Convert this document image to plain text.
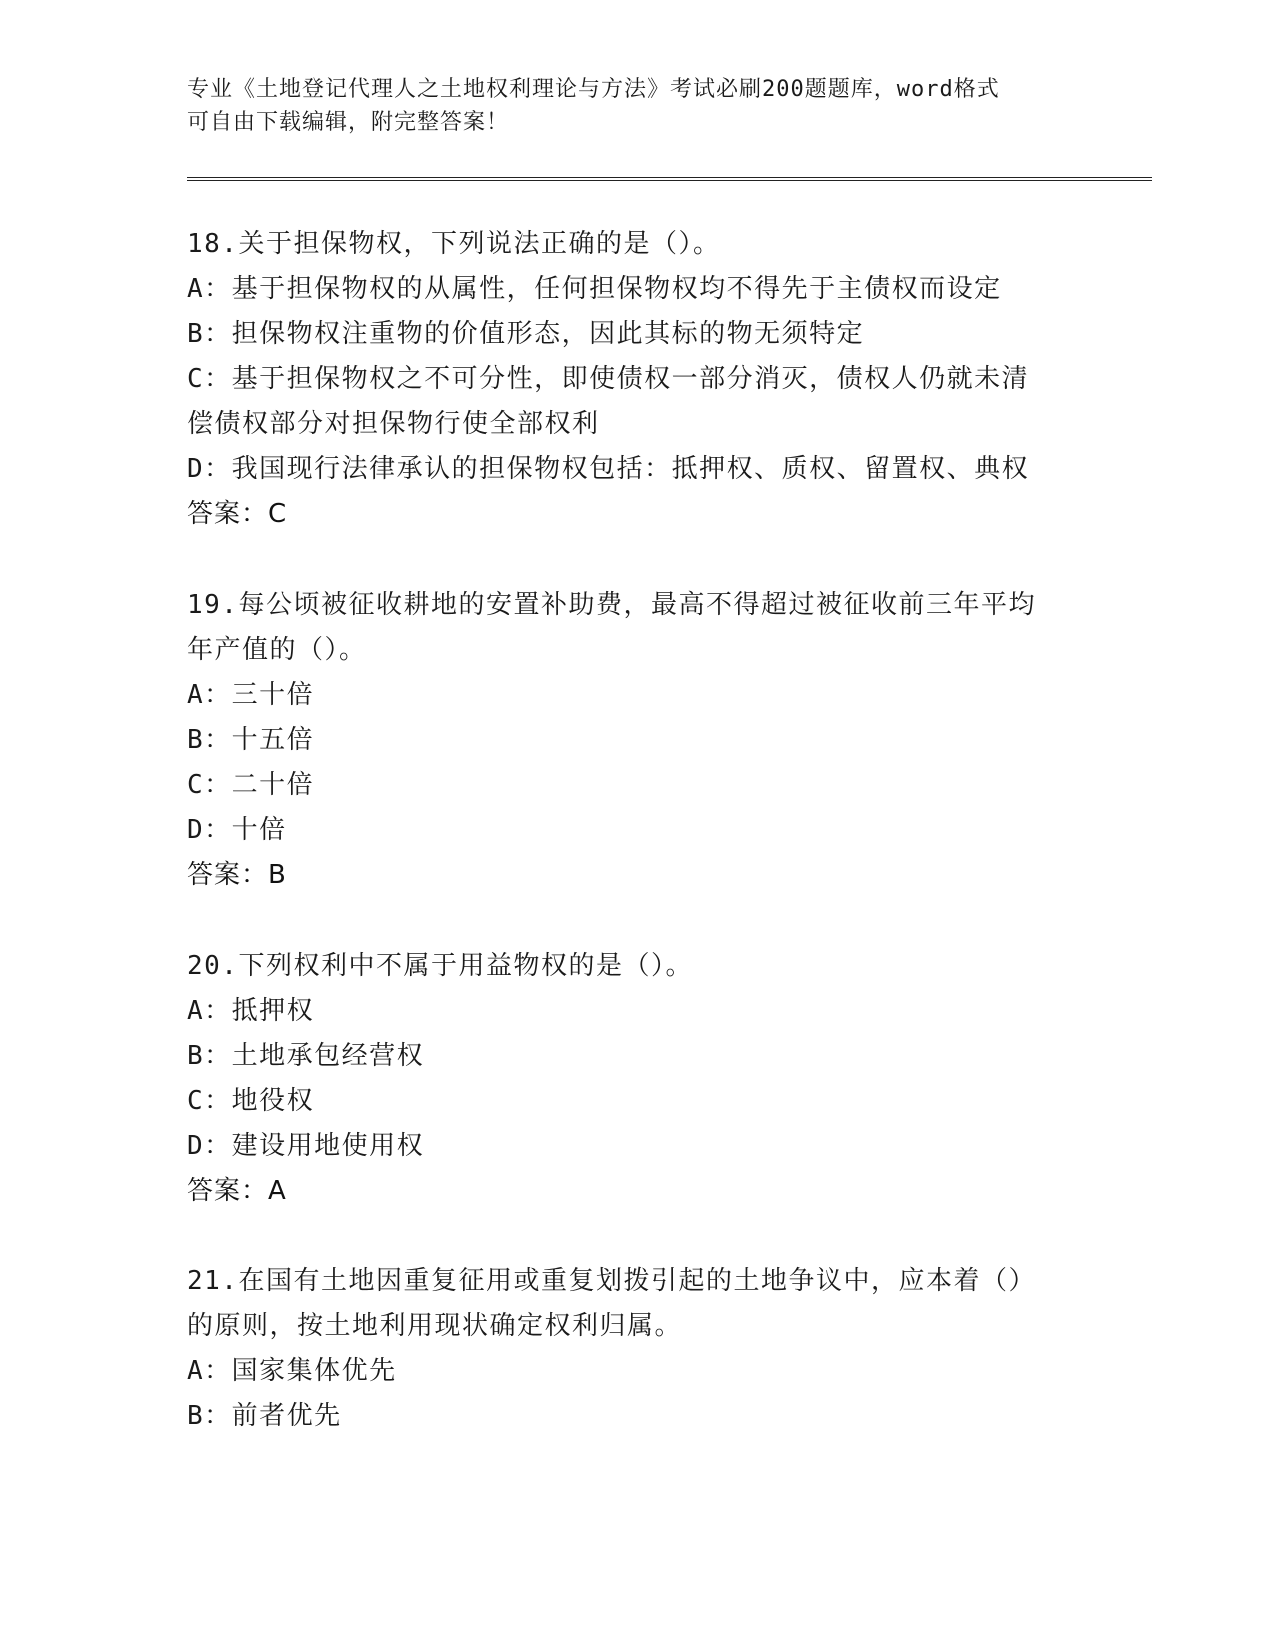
专业《土地登记代理人之土地权利理论与方法》考试必刷200题题库，word格式
可自由下载编辑，附完整答案！

18.关于担保物权，下列说法正确的是（）。

A：基于担保物权的从属性，任何担保物权均不得先于主债权而设定

B：担保物权注重物的价值形态，因此其标的物无须特定

C：基于担保物权之不可分性，即使债权一部分消灭，债权人仍就未清

偿债权部分对担保物行使全部权利

D：我国现行法律承认的担保物权包括：抵押权、质权、留置权、典权

答案：C

19.每公顷被征收耕地的安置补助费，最高不得超过被征收前三年平均

年产值的（）。

A：三十倍

B：十五倍

C：二十倍

D：十倍

答案：B

20.下列权利中不属于用益物权的是（）。

A：抵押权

B：土地承包经营权

C：地役权

D：建设用地使用权

答案：A

21.在国有土地因重复征用或重复划拨引起的土地争议中，应本着（）

的原则，按土地利用现状确定权利归属。

A：国家集体优先

B：前者优先
